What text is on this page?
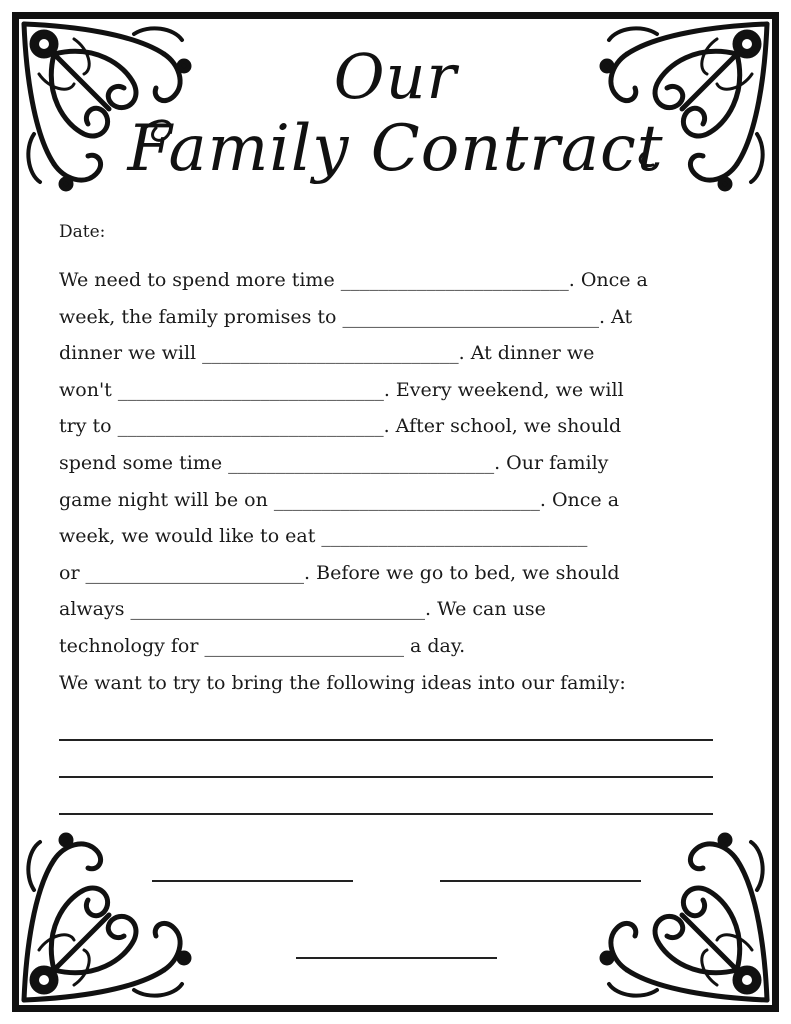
Our
Family Contract
Date:
We need to spend more time ________________________. Once a
week, the family promises to ___________________________. At
dinner we will ___________________________. At dinner we
won't ____________________________. Every weekend, we will
try to ____________________________. After school, we should
spend some time ____________________________. Our family
game night will be on ____________________________. Once a
week, we would like to eat ____________________________
or _______________________. Before we go to bed, we should
always _______________________________. We can use
technology for _____________________ a day.
We want to try to bring the following ideas into our family:
